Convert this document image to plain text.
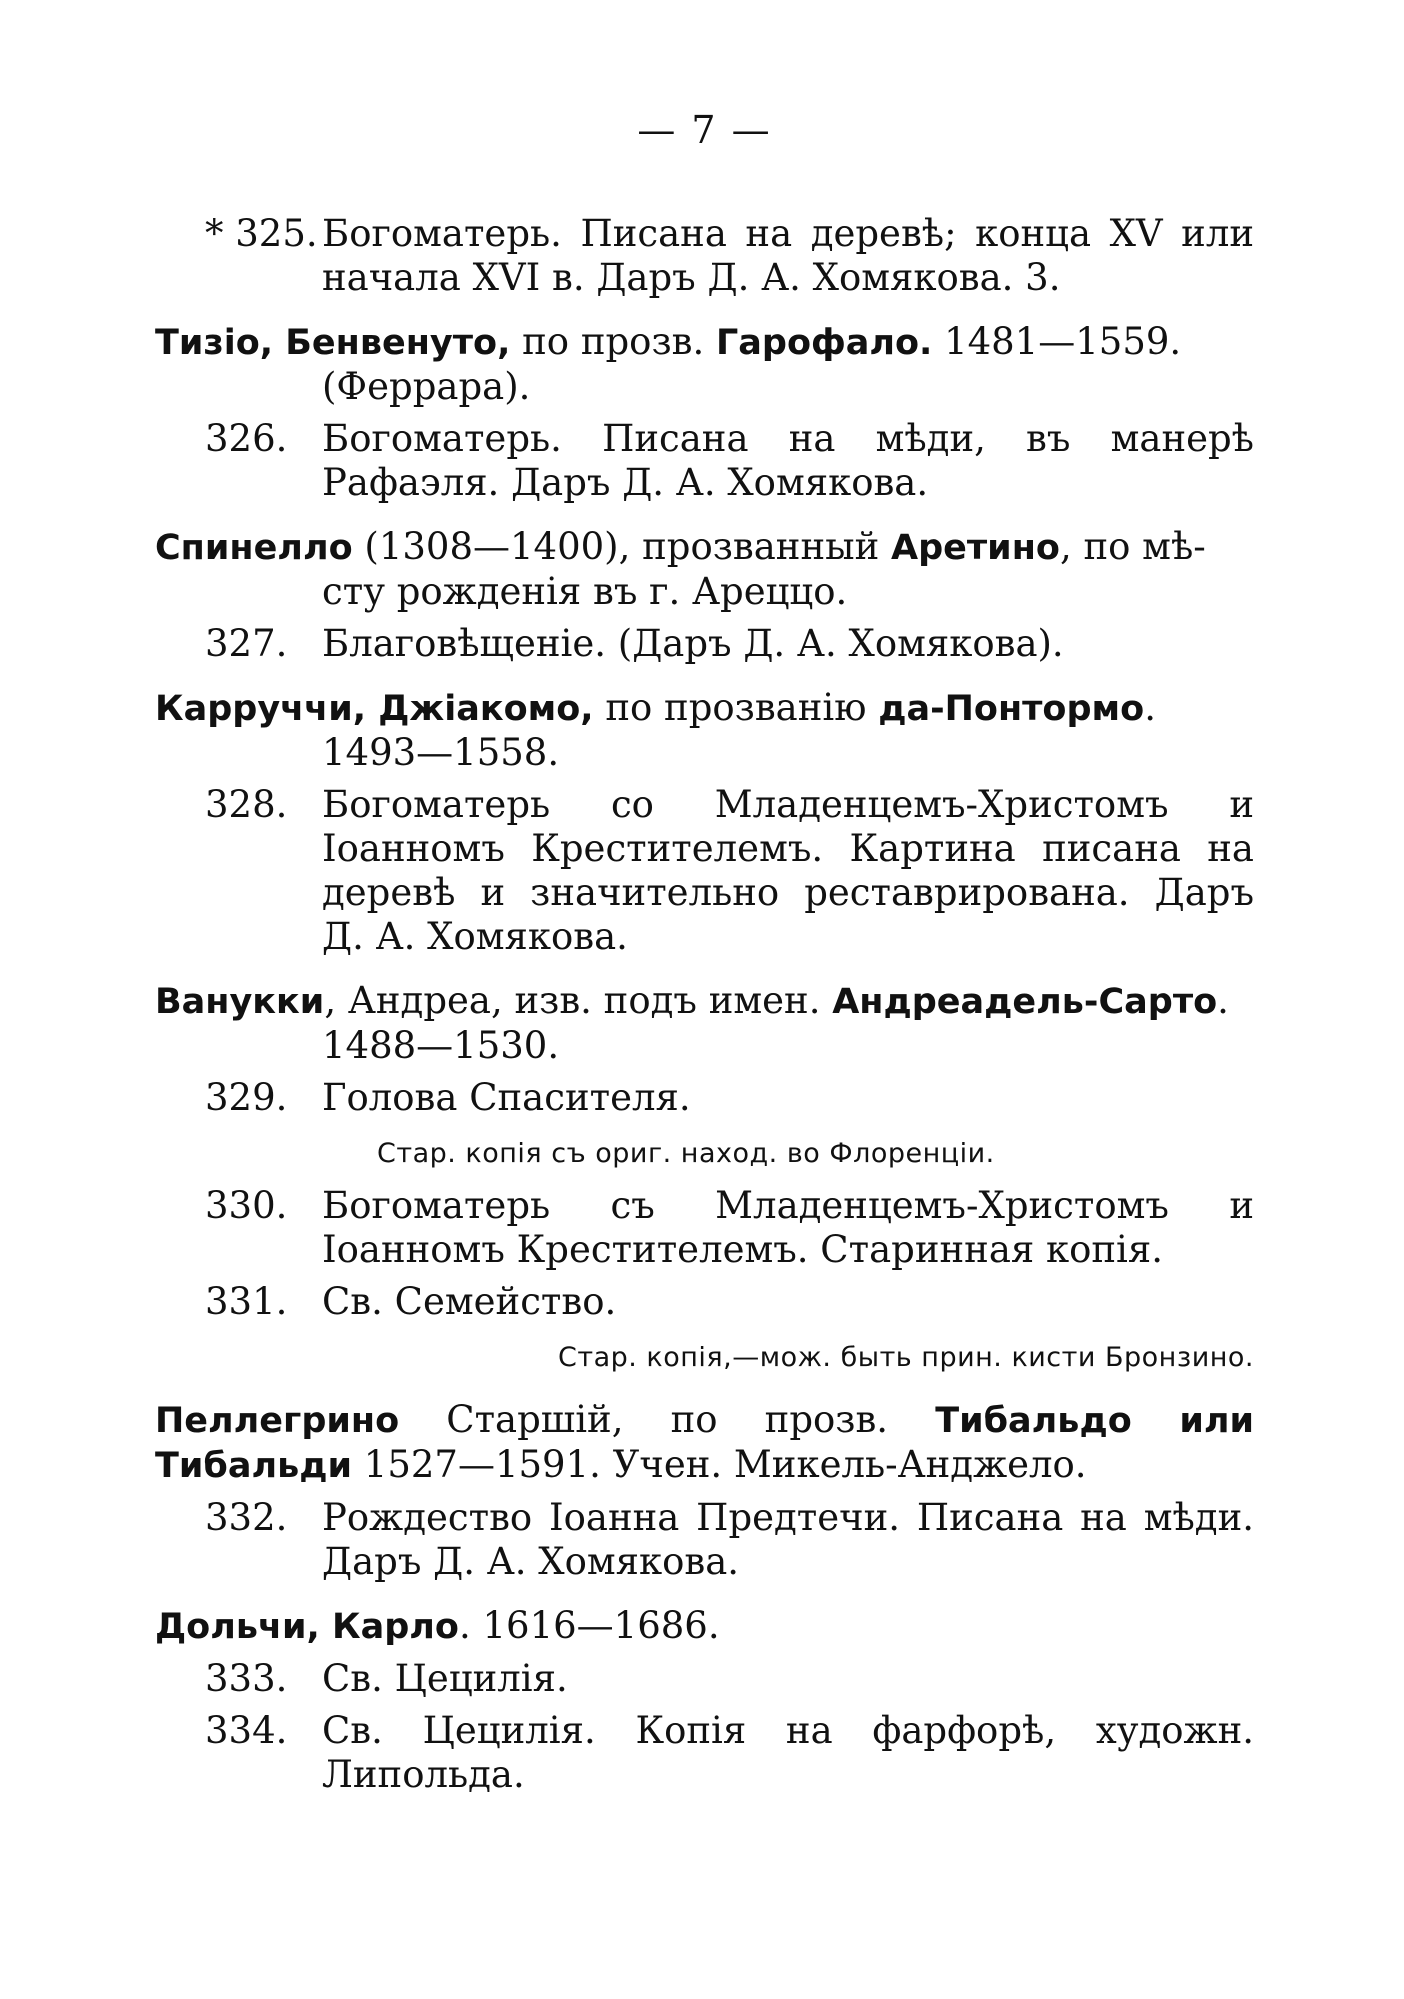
— 7 —
* 325. Богоматерь. Писана на деревѣ; конца XV или начала XVI в. Даръ Д. А. Хомякова. 3.
Тизіо, Бенвенуто, по прозв. Гарофало. 1481—1559.
(Феррара).
326. Богоматерь. Писана на мѣди, въ манерѣ Рафаэля. Даръ Д. А. Хомякова.
Спинелло (1308—1400), прозванный Аретино, по мѣ-
сту рожденія въ г. Ареццо.
327. Благовѣщеніе. (Даръ Д. А. Хомякова).
Карруччи, Джіакомо, по прозванію да-Понтормо.
1493—1558.
328. Богоматерь со Младенцемъ-Христомъ и Іоанномъ Крестителемъ. Картина писана на деревѣ и значительно реставрирована. Даръ Д. А. Хомякова.
Ванукки, Андреа, изв. подъ имен. Андреадель-Сарто.
1488—1530.
329. Голова Спасителя.
Стар. копія съ ориг. наход. во Флоренціи.
330. Богоматерь съ Младенцемъ-Христомъ и Іоанномъ Крестителемъ. Старинная копія.
331. Св. Семейство.
Стар. копія,—мож. быть прин. кисти Бронзино.
Пеллегрино Старшій, по прозв. Тибальдо или Тибальди 1527—1591. Учен. Микель-Анджело.
332. Рождество Іоанна Предтечи. Писана на мѣди. Даръ Д. А. Хомякова.
Дольчи, Карло. 1616—1686.
333. Св. Цецилія.
334. Св. Цецилія. Копія на фарфорѣ, художн. Липольда.
